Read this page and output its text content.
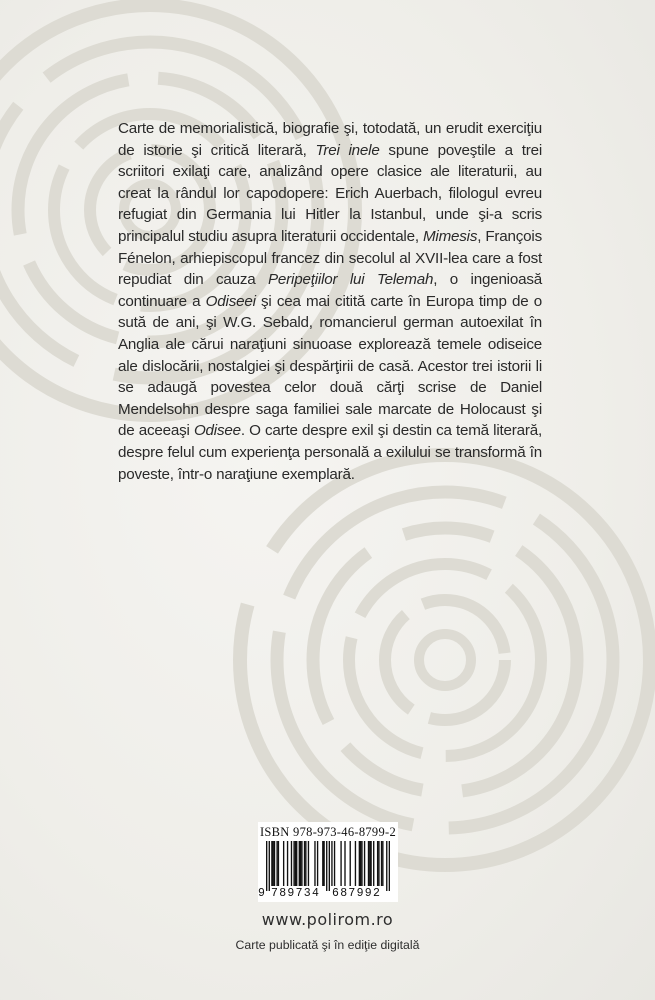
Carte de memorialistică, biografie şi, totodată, un erudit exerciţiu de istorie şi critică literară, Trei inele spune poveştile a trei scriitori exilaţi care, analizând opere clasice ale literaturii, au creat la rândul lor capodopere: Erich Auerbach, filologul evreu refugiat din Germania lui Hitler la Istanbul, unde şi-a scris principalul studiu asupra literaturii occidentale, Mimesis, François Fénelon, arhiepiscopul francez din secolul al XVII-lea care a fost repudiat din cauza Peripeţiilor lui Telemah, o ingenioasă continuare a Odiseei şi cea mai citită carte în Europa timp de o sută de ani, şi W.G. Sebald, romancierul german autoexilat în Anglia ale cărui naraţiuni sinuoase explorează temele odiseice ale dislocării, nostalgiei şi despărţirii de casă. Acestor trei istorii li se adaugă povestea celor două cărţi scrise de Daniel Mendelsohn despre saga familiei sale marcate de Holocaust şi de aceeaşi Odisee. O carte despre exil şi destin ca temă literară, despre felul cum experienţa personală a exilului se transformă în poveste, într-o naraţiune exemplară.
ISBN 978-973-46-8799-2
9 789734 687992
www.polirom.ro
Carte publicată şi în ediţie digitală
